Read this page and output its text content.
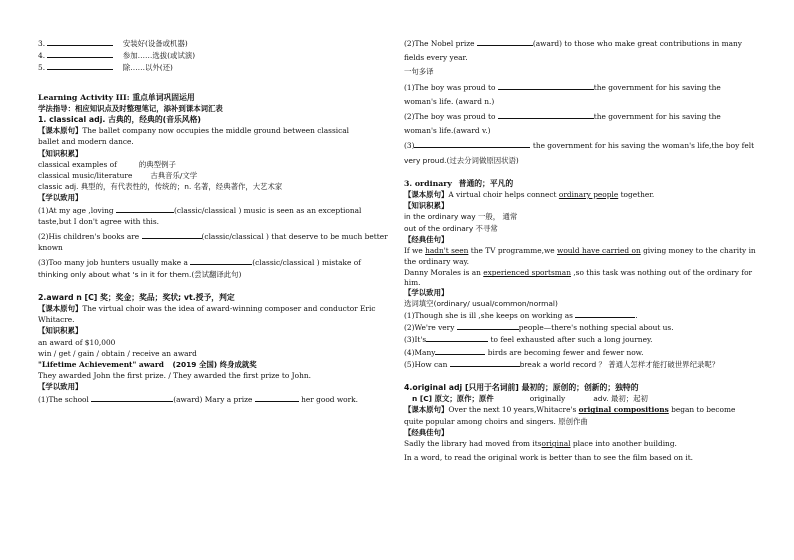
3.	安装好(设备或机器)
4.	参加……选拔(或试演)
5.	除……以外(还)
Learning Activity III: 重点单词巩固运用
学法指导：相应知识点及时整理笔记，添补到课本词汇表
1. classical adj. 古典的，经典的(音乐风格)
【课本原句】The ballet company now occupies the middle ground between classical
ballet and modern dance.
【知识积累】
classical examples of	的典型例子
classical music/literature 古典音乐/文学
classic adj. 典型的，有代表性的，传统的；n. 名著，经典著作，大艺术家
【学以致用】
(1)At my age ,loving	(classic/classical ) music is seen as an exceptional
taste,but I don't agree with this.
(2)His children's books are	(classic/classical ) that deserve to be much better
known
(3)Too many job hunters usually make a	(classic/classical ) mistake of
thinking only about what 's in it for them.(尝试翻译此句)
2.award n [C] 奖；奖金；奖品；奖状; vt.授予，判定
【课本原句】The virtual choir was the idea of award-winning composer and conductor Eric
Whitacre.
【知识积累】
an award of $10,000
win / get / gain / obtain / receive an award
"Lifetime Achievement" award (2019 全国) 终身成就奖
They awarded John the first prize. / They awarded the first prize to John.
【学以致用】
(1)The school	(award) Mary a prize	her good work.
(2)The Nobel prize	(award) to those who make great contributions in many
fields every year.
一句多译
(1)The boy was proud to	the government for his saving the
woman's life. (award n.)
(2)The boy was proud to	the government for his saving the
woman's life.(award v.)
(3)	the government for his saving the woman's life,the boy felt
very proud.(过去分词做原因状语)
3. ordinary 普通的；平凡的
【课本原句】A virtual choir helps connect ordinary people together.
【知识积累】
in the ordinary way 一般， 通常
out of the ordinary 不寻常
【经典佳句】
If we hadn't seen the TV programme,we would have carried on giving money to the charity in
the ordinary way.
Danny Morales is an experienced sportsman ,so this task was nothing out of the ordinary for
him.
【学以致用】
选词填空(ordinary/ usual/common/normal)
(1)Though she is ill ,she keeps on working as	.
(2)We're very	people—there's nothing special about us.
(3)It's	to feel exhausted after such a long journey.
(4)Many	birds are becoming fewer and fewer now.
(5)How can	break a world record ？ 普通人怎样才能打破世界纪录呢？
4.original adj [只用于名词前] 最初的；原创的；创新的；独特的
n [C] 原文；原作；原件	originally	adv. 最初；起初
【课本原句】Over the next 10 years,Whitacre's original compositions began to become
quite popular among choirs and singers. 原创作曲
【经典佳句】
Sadly the library had moved from itsoriginal place into another building.
In a word, to read the original work is better than to see the film based on it.
